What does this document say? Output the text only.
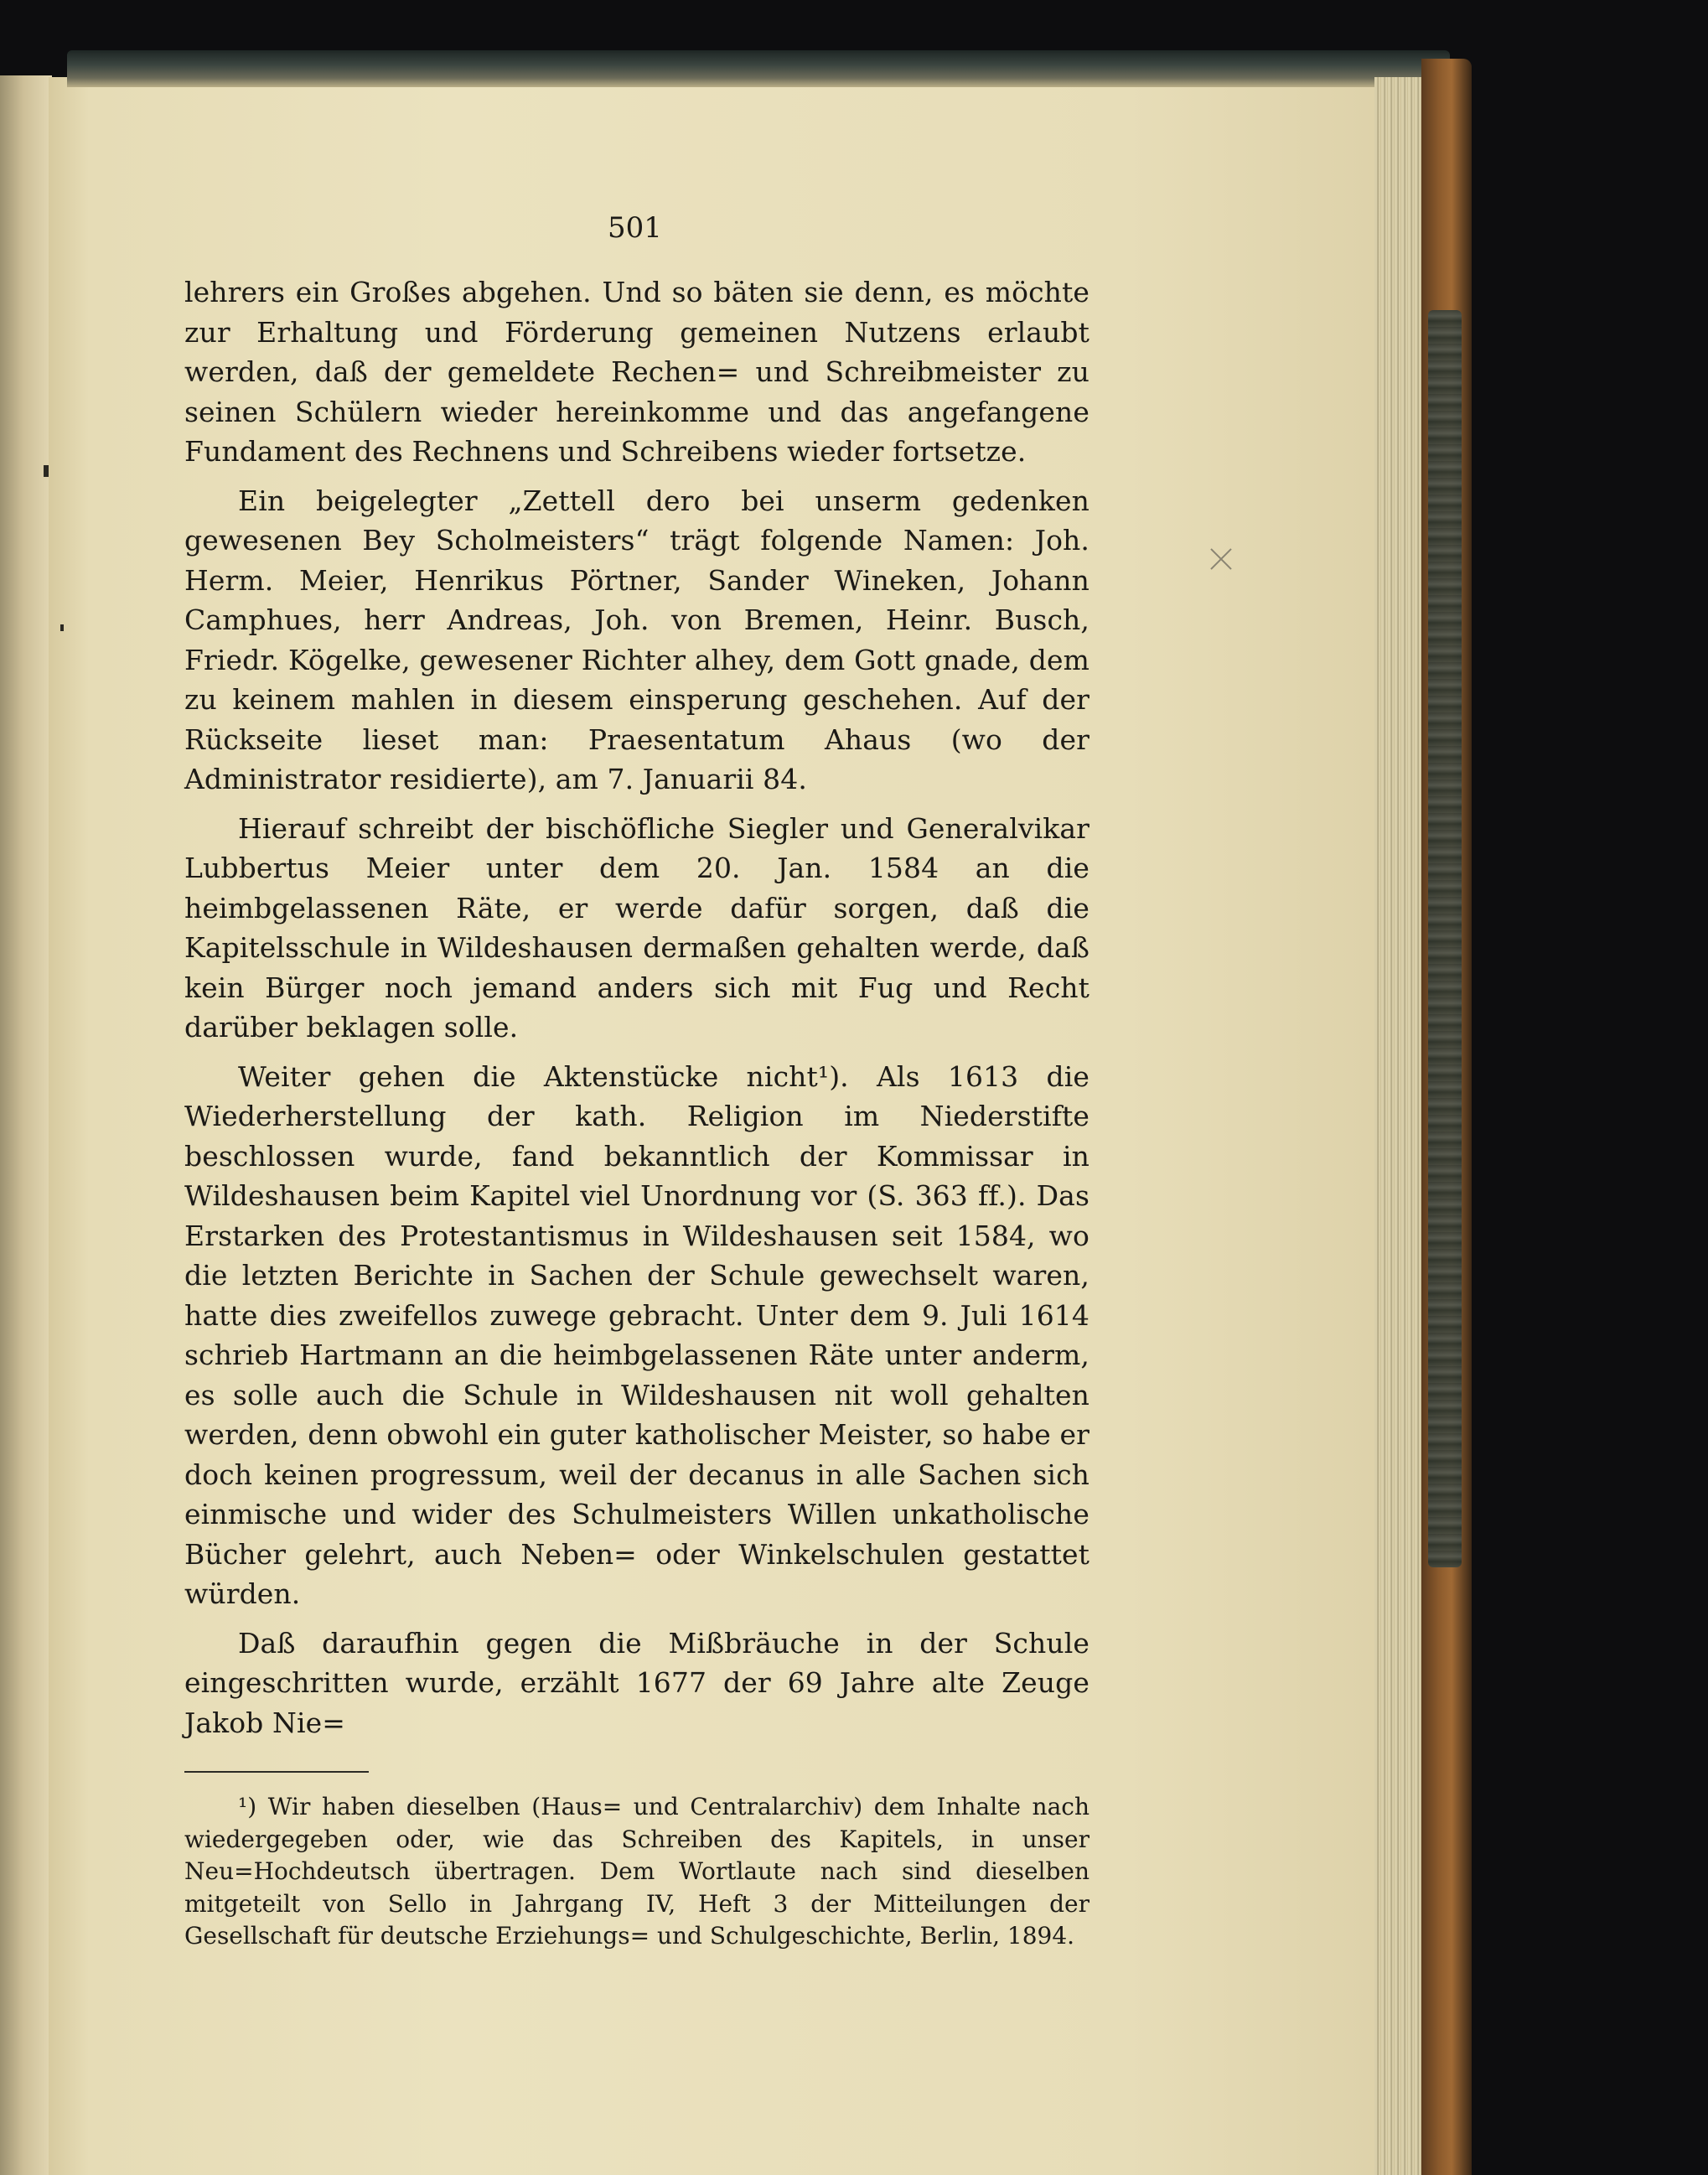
501

lehrers ein Großes abgehen. Und so bäten sie denn, es möchte zur Erhaltung und Förderung gemeinen Nutzens erlaubt werden, daß der gemeldete Rechen= und Schreibmeister zu seinen Schülern wieder hereinkomme und das angefangene Fundament des Rechnens und Schreibens wieder fortsetze.

Ein beigelegter „Zettell dero bei unserm gedenken gewesenen Bey Scholmeisters“ trägt folgende Namen: Joh. Herm. Meier, Henrikus Pörtner, Sander Wineken, Johann Camphues, herr Andreas, Joh. von Bremen, Heinr. Busch, Friedr. Kögelke, gewesener Richter alhey, dem Gott gnade, dem zu keinem mahlen in diesem einsperung geschehen. Auf der Rückseite lieset man: Praesentatum Ahaus (wo der Administrator residierte), am 7. Januarii 84.

Hierauf schreibt der bischöfliche Siegler und Generalvikar Lubbertus Meier unter dem 20. Jan. 1584 an die heimbgelassenen Räte, er werde dafür sorgen, daß die Kapitelsschule in Wildeshausen dermaßen gehalten werde, daß kein Bürger noch jemand anders sich mit Fug und Recht darüber beklagen solle.

Weiter gehen die Aktenstücke nicht¹). Als 1613 die Wiederherstellung der kath. Religion im Niederstifte beschlossen wurde, fand bekanntlich der Kommissar in Wildeshausen beim Kapitel viel Unordnung vor (S. 363 ff.). Das Erstarken des Protestantismus in Wildeshausen seit 1584, wo die letzten Berichte in Sachen der Schule gewechselt waren, hatte dies zweifellos zuwege gebracht. Unter dem 9. Juli 1614 schrieb Hartmann an die heimbgelassenen Räte unter anderm, es solle auch die Schule in Wildeshausen nit woll gehalten werden, denn obwohl ein guter katholischer Meister, so habe er doch keinen progressum, weil der decanus in alle Sachen sich einmische und wider des Schulmeisters Willen unkatholische Bücher gelehrt, auch Neben= oder Winkelschulen gestattet würden.

Daß daraufhin gegen die Mißbräuche in der Schule eingeschritten wurde, erzählt 1677 der 69 Jahre alte Zeuge Jakob Nie=

¹) Wir haben dieselben (Haus= und Centralarchiv) dem Inhalte nach wiedergegeben oder, wie das Schreiben des Kapitels, in unser Neu=Hochdeutsch übertragen. Dem Wortlaute nach sind dieselben mitgeteilt von Sello in Jahrgang IV, Heft 3 der Mitteilungen der Gesellschaft für deutsche Erziehungs= und Schulgeschichte, Berlin, 1894.
